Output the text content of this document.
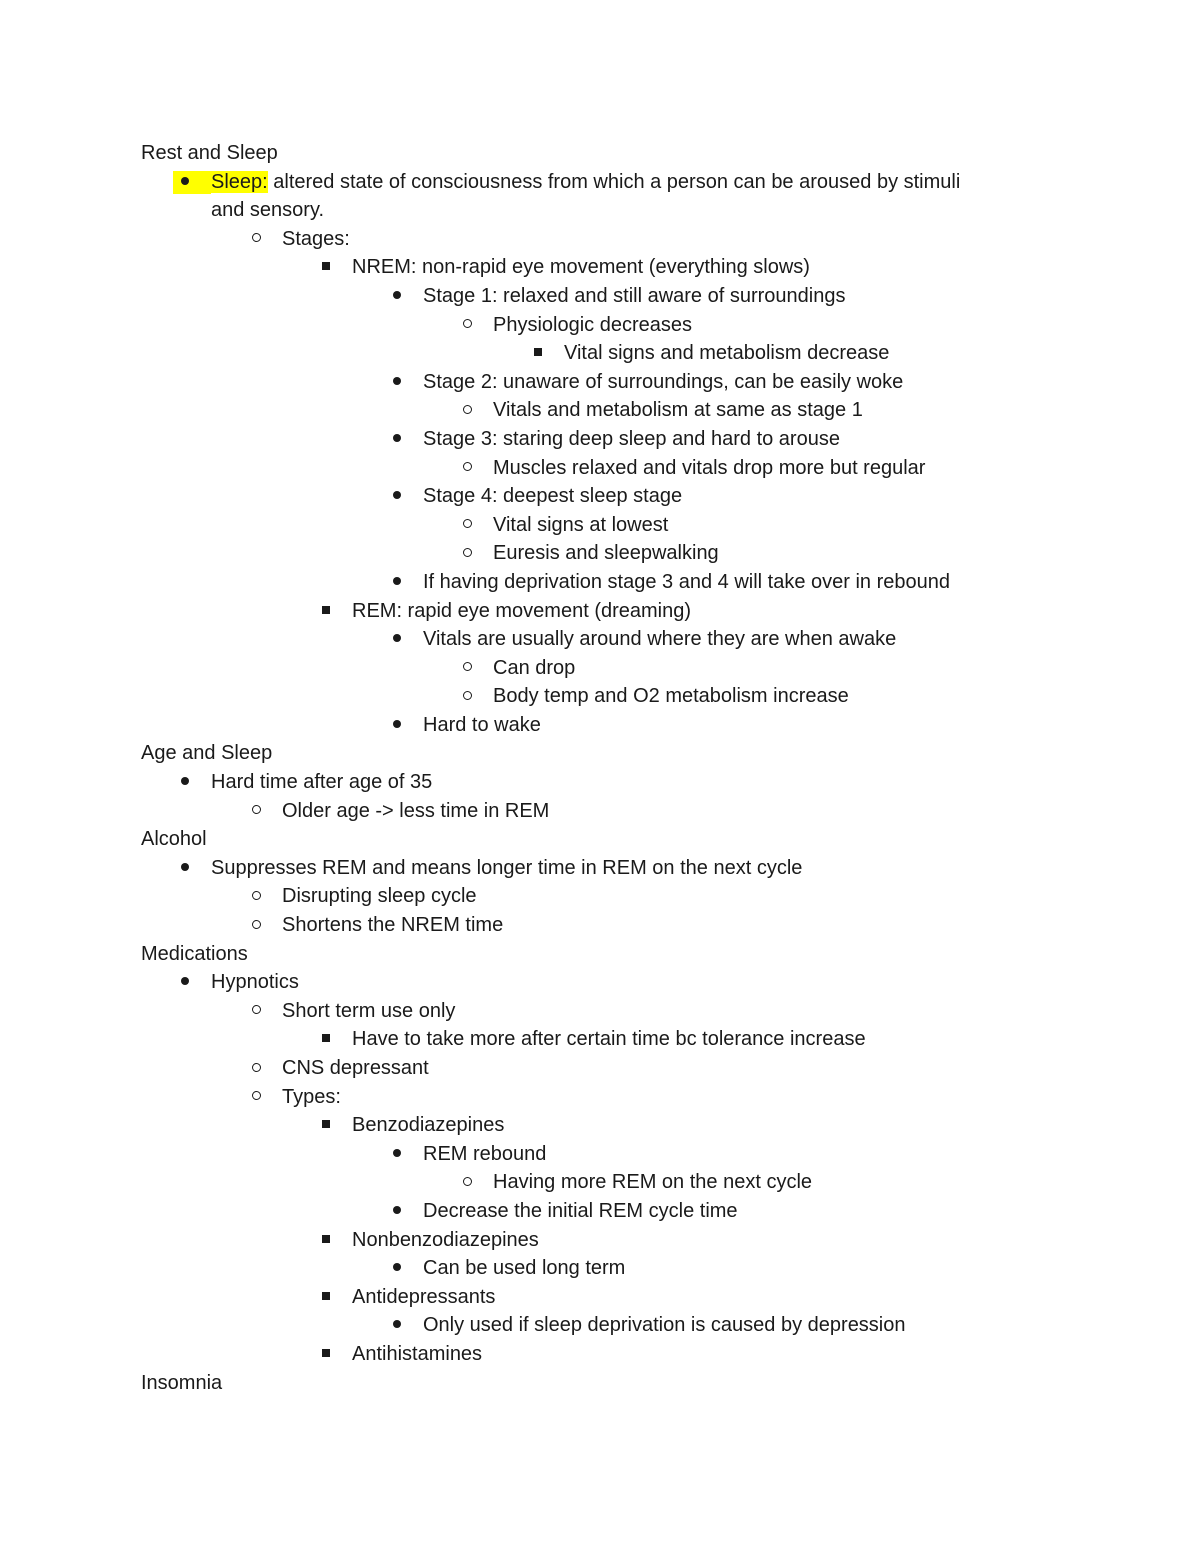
Rest and Sleep
Sleep: altered state of consciousness from which a person can be aroused by stimuli
and sensory.
Stages:
NREM: non-rapid eye movement (everything slows)
Stage 1: relaxed and still aware of surroundings
Physiologic decreases
Vital signs and metabolism decrease
Stage 2: unaware of surroundings, can be easily woke
Vitals and metabolism at same as stage 1
Stage 3: staring deep sleep and hard to arouse
Muscles relaxed and vitals drop more but regular
Stage 4: deepest sleep stage
Vital signs at lowest
Euresis and sleepwalking
If having deprivation stage 3 and 4 will take over in rebound
REM: rapid eye movement (dreaming)
Vitals are usually around where they are when awake
Can drop
Body temp and O2 metabolism increase
Hard to wake
Age and Sleep
Hard time after age of 35
Older age -> less time in REM
Alcohol
Suppresses REM and means longer time in REM on the next cycle
Disrupting sleep cycle
Shortens the NREM time
Medications
Hypnotics
Short term use only
Have to take more after certain time bc tolerance increase
CNS depressant
Types:
Benzodiazepines
REM rebound
Having more REM on the next cycle
Decrease the initial REM cycle time
Nonbenzodiazepines
Can be used long term
Antidepressants
Only used if sleep deprivation is caused by depression
Antihistamines
Insomnia
